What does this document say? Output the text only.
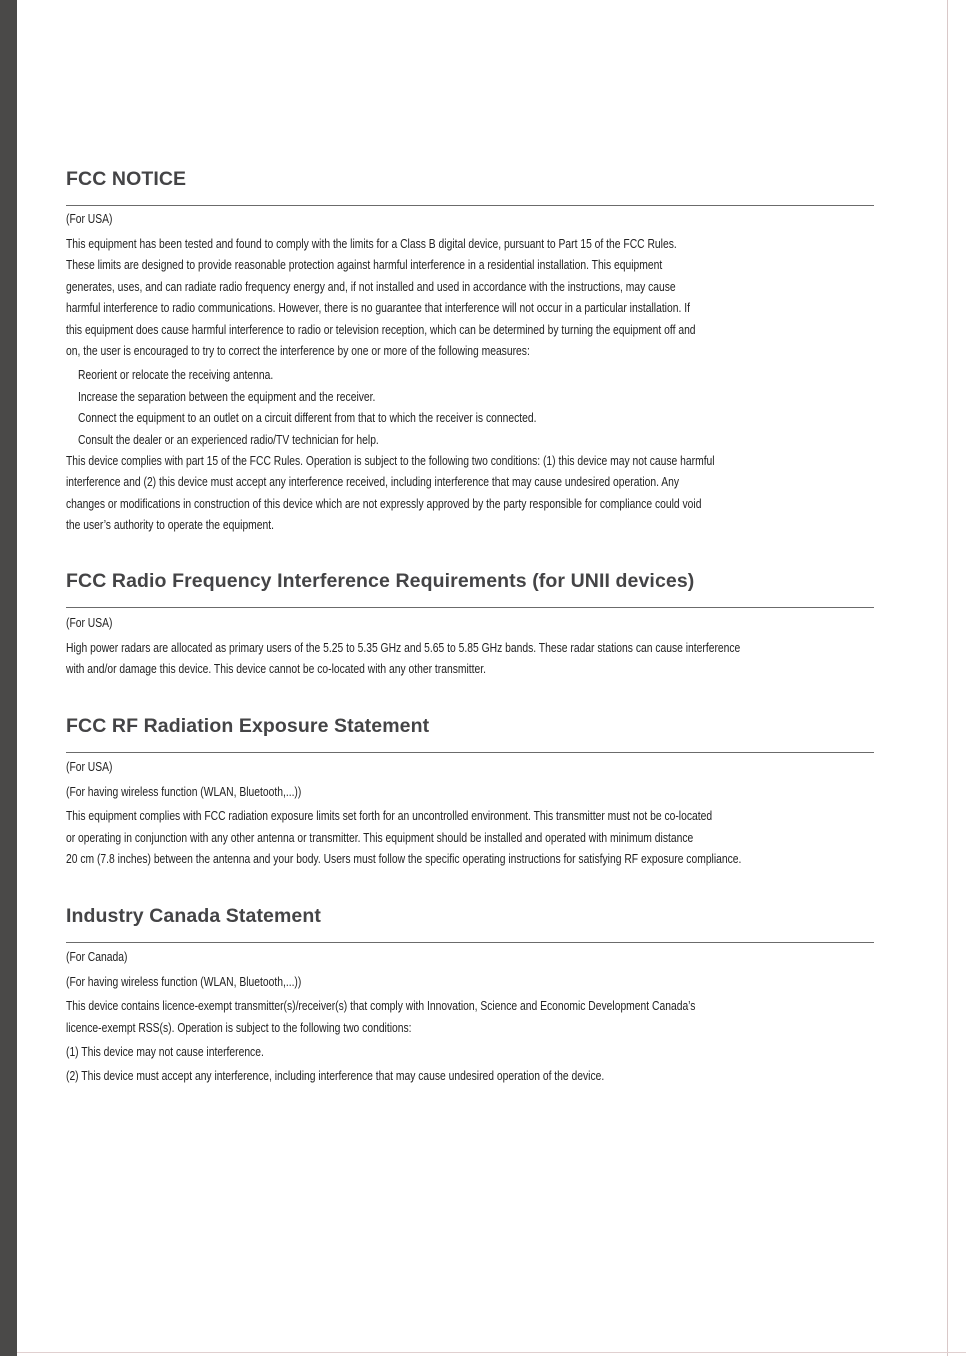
FCC NOTICE

(For USA)

This equipment has been tested and found to comply with the limits for a Class B digital device, pursuant to Part 15 of the FCC Rules.

These limits are designed to provide reasonable protection against harmful interference in a residential installation. This equipment

generates, uses, and can radiate radio frequency energy and, if not installed and used in accordance with the instructions, may cause

harmful interference to radio communications. However, there is no guarantee that interference will not occur in a particular installation. If

this equipment does cause harmful interference to radio or television reception, which can be determined by turning the equipment off and

on, the user is encouraged to try to correct the interference by one or more of the following measures:

Reorient or relocate the receiving antenna.

Increase the separation between the equipment and the receiver.

Connect the equipment to an outlet on a circuit different from that to which the receiver is connected.

Consult the dealer or an experienced radio/TV technician for help.

This device complies with part 15 of the FCC Rules. Operation is subject to the following two conditions: (1) this device may not cause harmful

interference and (2) this device must accept any interference received, including interference that may cause undesired operation. Any

changes or modifications in construction of this device which are not expressly approved by the party responsible for compliance could void

the user’s authority to operate the equipment.

FCC Radio Frequency Interference Requirements (for UNII devices)

(For USA)

High power radars are allocated as primary users of the 5.25 to 5.35 GHz and 5.65 to 5.85 GHz bands. These radar stations can cause interference

with and/or damage this device. This device cannot be co-located with any other transmitter.

FCC RF Radiation Exposure Statement

(For USA)

(For having wireless function (WLAN, Bluetooth,...))

This equipment complies with FCC radiation exposure limits set forth for an uncontrolled environment. This transmitter must not be co-located

or operating in conjunction with any other antenna or transmitter. This equipment should be installed and operated with minimum distance

20 cm (7.8 inches) between the antenna and your body. Users must follow the specific operating instructions for satisfying RF exposure compliance.

Industry Canada Statement

(For Canada)

(For having wireless function (WLAN, Bluetooth,...))

This device contains licence-exempt transmitter(s)/receiver(s) that comply with Innovation, Science and Economic Development Canada’s

licence-exempt RSS(s). Operation is subject to the following two conditions:

(1) This device may not cause interference.

(2) This device must accept any interference, including interference that may cause undesired operation of the device.
